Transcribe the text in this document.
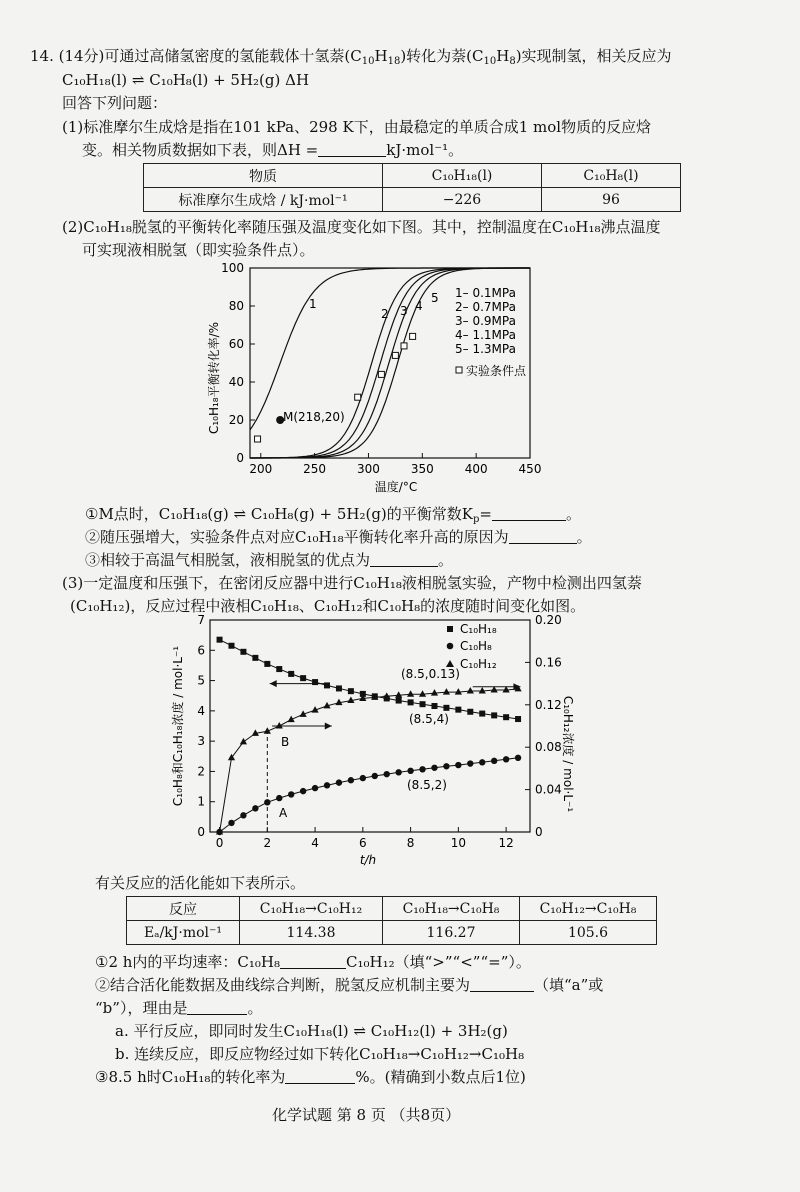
14. (14分)可通过高储氢密度的氢能载体十氢萘$(C_{10}H_{18})$转化为萘$(C_{10}H_8)$实现制氢，相关反应为
C₁₀H₁₈(l) ⇌ C₁₀H₈(l) + 5H₂(g) ΔH
回答下列问题：
(1)标准摩尔生成焓是指在101 kPa、298 K下，由最稳定的单质合成1 mol物质的反应焓
变。相关物质数据如下表，则ΔH =	kJ·mol⁻¹。
物质	C₁₀H₁₈(l)	C₁₀H₈(l)
标准摩尔生成焓 / kJ·mol⁻¹	−226	96
(2)C₁₀H₁₈脱氢的平衡转化率随压强及温度变化如下图。其中，控制温度在C₁₀H₁₈沸点温度
可实现液相脱氢（即实验条件点）。
0
20
40
60
80
100
200	250	300	350	400	450
C₁₀H₁₈平衡转化率/%
温度/°C
1
2 3 4
5 1– 0.1MPa
2– 0.7MPa
3– 0.9MPa
4– 1.1MPa
5– 1.3MPa
实验条件点
M(218,20)
①M点时，C₁₀H₁₈(g) ⇌ C₁₀H₈(g) + 5H₂(g)的平衡常数$K_p=$	。
②随压强增大，实验条件点对应C₁₀H₁₈平衡转化率升高的原因为	。
③相较于高温气相脱氢，液相脱氢的优点为	。
(3)一定温度和压强下，在密闭反应器中进行C₁₀H₁₈液相脱氢实验，产物中检测出四氢萘
(C₁₀H₁₂)，反应过程中液相C₁₀H₁₈、C₁₀H₁₂和C₁₀H₈的浓度随时间变化如图。
0
1
2
3
4
5
6
7
0
0.04
0.08
0.12
0.16
0.20
0	2	4	6	8	10	12
C₁₀H₈和C₁₀H₁₈浓度 / mol·L⁻¹	C₁₀H₁₂浓度 / mol·L⁻¹
t/h
C₁₀H₁₈
C₁₀H₈
C₁₀H₁₂
(8.5,0.13)
(8.5,4)
(8.5,2)
A
B
有关反应的活化能如下表所示。
反应	C₁₀H₁₈→C₁₀H₁₂	C₁₀H₁₈→C₁₀H₈	C₁₀H₁₂→C₁₀H₈
Eₐ/kJ·mol⁻¹	114.38	116.27	105.6
①2 h内的平均速率：C₁₀H₈	C₁₀H₁₂（填“>”“<”“=”）。
②结合活化能数据及曲线综合判断，脱氢反应机制主要为	（填“a”或
“b”），理由是	。
a. 平行反应，即同时发生C₁₀H₁₈(l) ⇌ C₁₀H₁₂(l) + 3H₂(g)
b. 连续反应，即反应物经过如下转化C₁₀H₁₈→C₁₀H₁₂→C₁₀H₈
③8.5 h时C₁₀H₁₈的转化率为	%。(精确到小数点后1位)
化学试题 第 8 页 （共8页）
